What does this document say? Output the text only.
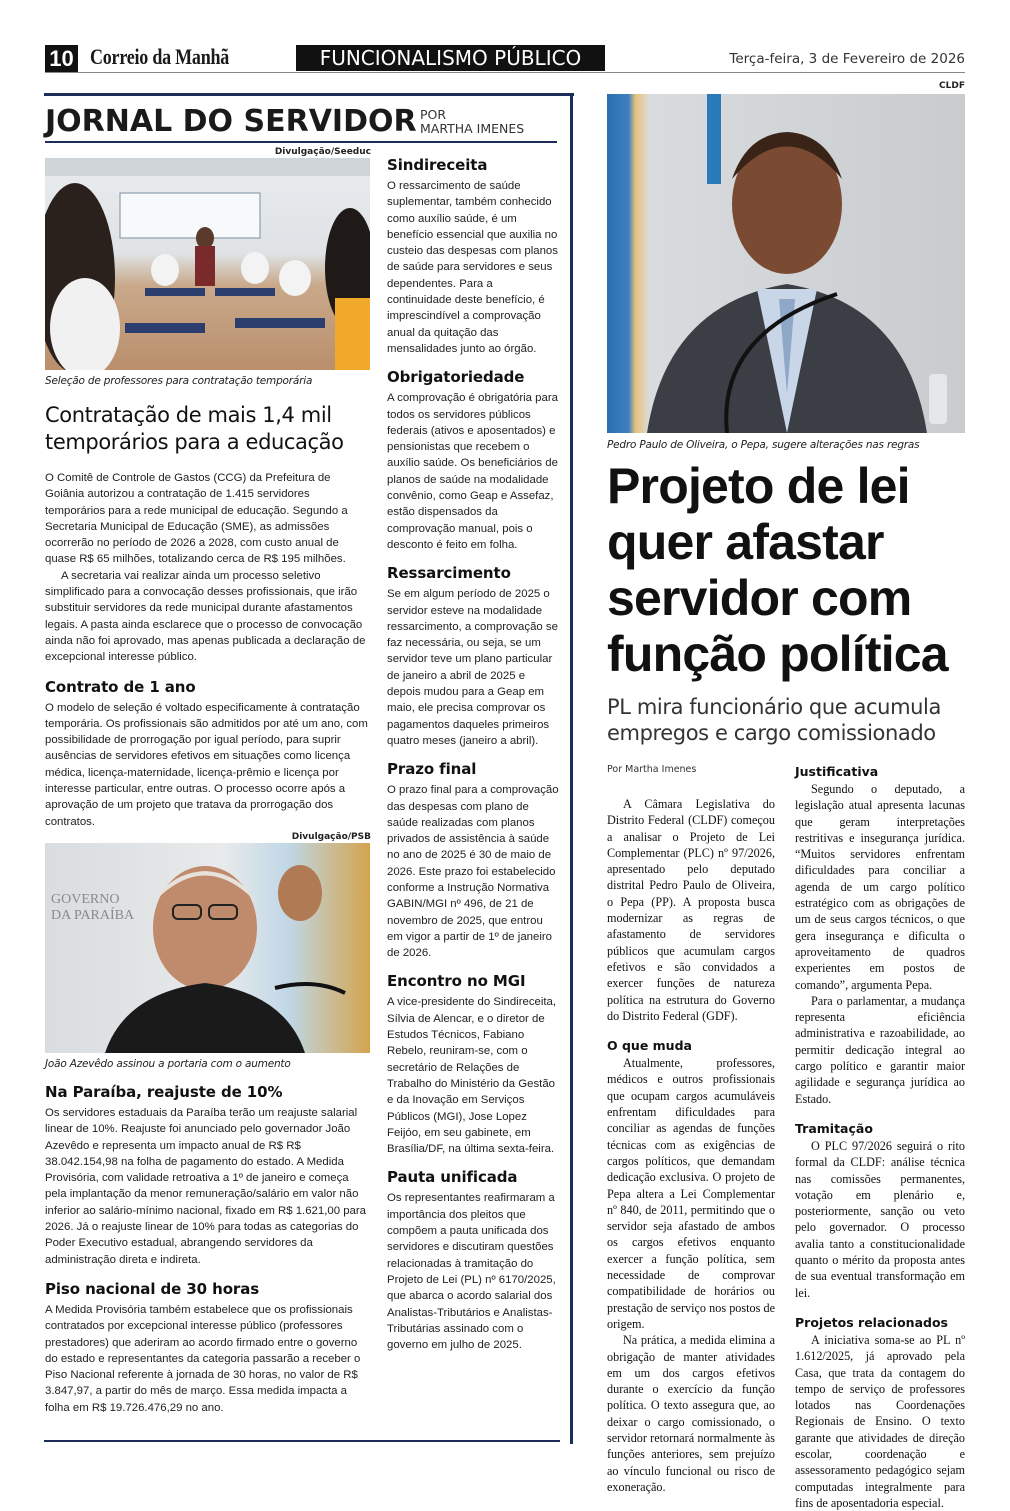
10 Correio da Manhã	FUNCIONALISMO PÚBLICO	Terça-feira, 3 de Fevereiro de 2026
JORNAL DO SERVIDOR POR
MARTHA IMENES
Divulgação/Seeduc
Seleção de professores para contratação temporária
Contratação de mais 1,4 mil temporários para a educação

O Comitê de Controle de Gastos (CCG) da Prefeitura de Goiânia autorizou a contratação de 1.415 servidores temporários para a rede municipal de educação. Segundo a Secretaria Municipal de Educação (SME), as admissões ocorrerão no período de 2026 a 2028, com custo anual de quase R$ 65 milhões, totalizando cerca de R$ 195 milhões.

A secretaria vai realizar ainda um processo seletivo simplificado para a convocação desses profissionais, que irão substituir servidores da rede municipal durante afastamentos legais. A pasta ainda esclarece que o processo de convocação ainda não foi aprovado, mas apenas publicada a declaração de excepcional interesse público.

Contrato de 1 ano

O modelo de seleção é voltado especificamente à contratação temporária. Os profissionais são admitidos por até um ano, com possibilidade de prorrogação por igual período, para suprir ausências de servidores efetivos em situações como licença médica, licença-maternidade, licença-prêmio e licença por interesse particular, entre outras. O processo ocorre após a aprovação de um projeto que tratava da prorrogação dos contratos.

Divulgação/PSB
GOVERNO
DA PARAÍBA
João Azevêdo assinou a portaria com o aumento
Na Paraíba, reajuste de 10%

Os servidores estaduais da Paraíba terão um reajuste salarial linear de 10%. Reajuste foi anunciado pelo governador João Azevêdo e representa um impacto anual de R$ R$ 38.042.154,98 na folha de pagamento do estado. A Medida Provisória, com validade retroativa a 1º de janeiro e começa pela implantação da menor remuneração/salário em valor não inferior ao salário-mínimo nacional, fixado em R$ 1.621,00 para 2026. Já o reajuste linear de 10% para todas as categorias do Poder Executivo estadual, abrangendo servidores da administração direta e indireta.

Piso nacional de 30 horas

A Medida Provisória também estabelece que os profissionais contratados por excepcional interesse público (professores prestadores) que aderiram ao acordo firmado entre o governo do estado e representantes da categoria passarão a receber o Piso Nacional referente à jornada de 30 horas, no valor de R$ 3.847,97, a partir do mês de março. Essa medida impacta a folha em R$ 19.726.476,29 no ano.

Sindireceita

O ressarcimento de saúde suplementar, também conhecido como auxílio saúde, é um benefício essencial que auxilia no custeio das despesas com planos de saúde para servidores e seus dependentes. Para a continuidade deste benefício, é imprescindível a comprovação anual da quitação das mensalidades junto ao órgão.

Obrigatoriedade

A comprovação é obrigatória para todos os servidores públicos federais (ativos e aposentados) e pensionistas que recebem o auxílio saúde. Os beneficiários de planos de saúde na modalidade convênio, como Geap e Assefaz, estão dispensados da comprovação manual, pois o desconto é feito em folha.

Ressarcimento

Se em algum período de 2025 o servidor esteve na modalidade ressarcimento, a comprovação se faz necessária, ou seja, se um servidor teve um plano particular de janeiro a abril de 2025 e depois mudou para a Geap em maio, ele precisa comprovar os pagamentos daqueles primeiros quatro meses (janeiro a abril).

Prazo final

O prazo final para a comprovação das despesas com plano de saúde realizadas com planos privados de assistência à saúde no ano de 2025 é 30 de maio de 2026. Este prazo foi estabelecido conforme a Instrução Normativa GABIN/MGI nº 496, de 21 de novembro de 2025, que entrou em vigor a partir de 1º de janeiro de 2026.

Encontro no MGI

A vice-presidente do Sindireceita, Sílvia de Alencar, e o diretor de Estudos Técnicos, Fabiano Rebelo, reuniram-se, com o secretário de Relações de Trabalho do Ministério da Gestão e da Inovação em Serviços Públicos (MGI), Jose Lopez Feijóo, em seu gabinete, em Brasília/DF, na última sexta-feira.

Pauta unificada

Os representantes reafirmaram a importância dos pleitos que compõem a pauta unificada dos servidores e discutiram questões relacionadas à tramitação do Projeto de Lei (PL) nº 6170/2025, que abarca o acordo salarial dos Analistas-Tributários e Analistas-Tributárias assinado com o governo em julho de 2025.

CLDF
Pedro Paulo de Oliveira, o Pepa, sugere alterações nas regras
Projeto de lei quer afastar servidor com função política
PL mira funcionário que acumula empregos e cargo comissionado
Por Martha Imenes

A Câmara Legislativa do Distrito Federal (CLDF) começou a analisar o Projeto de Lei Complementar (PLC) nº 97/2026, apresentado pelo deputado distrital Pedro Paulo de Oliveira, o Pepa (PP). A proposta busca modernizar as regras de afastamento de servidores públicos que acumulam cargos efetivos e são convidados a exercer funções de natureza política na estrutura do Governo do Distrito Federal (GDF).

O que muda

Atualmente, professores, médicos e outros profissionais que ocupam cargos acumuláveis enfrentam dificuldades para conciliar as agendas de funções técnicas com as exigências de cargos políticos, que demandam dedicação exclusiva. O projeto de Pepa altera a Lei Complementar nº 840, de 2011, permitindo que o servidor seja afastado de ambos os cargos efetivos enquanto exercer a função política, sem necessidade de comprovar compatibilidade de horários ou prestação de serviço nos postos de origem.

Na prática, a medida elimina a obrigação de manter atividades em um dos cargos efetivos durante o exercício da função política. O texto assegura que, ao deixar o cargo comissionado, o servidor retornará normalmente às funções anteriores, sem prejuízo ao vínculo funcional ou risco de exoneração.

Justificativa

Segundo o deputado, a legislação atual apresenta lacunas que geram interpretações restritivas e insegurança jurídica. “Muitos servidores enfrentam dificuldades para conciliar a agenda de um cargo político estratégico com as obrigações de um de seus cargos técnicos, o que gera insegurança e dificulta o aproveitamento de quadros experientes em postos de comando”, argumenta Pepa.

Para o parlamentar, a mudança representa eficiência administrativa e razoabilidade, ao permitir dedicação integral ao cargo político e garantir maior agilidade e segurança jurídica ao Estado.

Tramitação

O PLC 97/2026 seguirá o rito formal da CLDF: análise técnica nas comissões permanentes, votação em plenário e, posteriormente, sanção ou veto pelo governador. O processo avalia tanto a constitucionalidade quanto o mérito da proposta antes de sua eventual transformação em lei.

Projetos relacionados

A iniciativa soma-se ao PL nº 1.612/2025, já aprovado pela Casa, que trata da contagem do tempo de serviço de professores lotados nas Coordenações Regionais de Ensino. O texto garante que atividades de direção escolar, coordenação e assessoramento pedagógico sejam computadas integralmente para fins de aposentadoria especial.
